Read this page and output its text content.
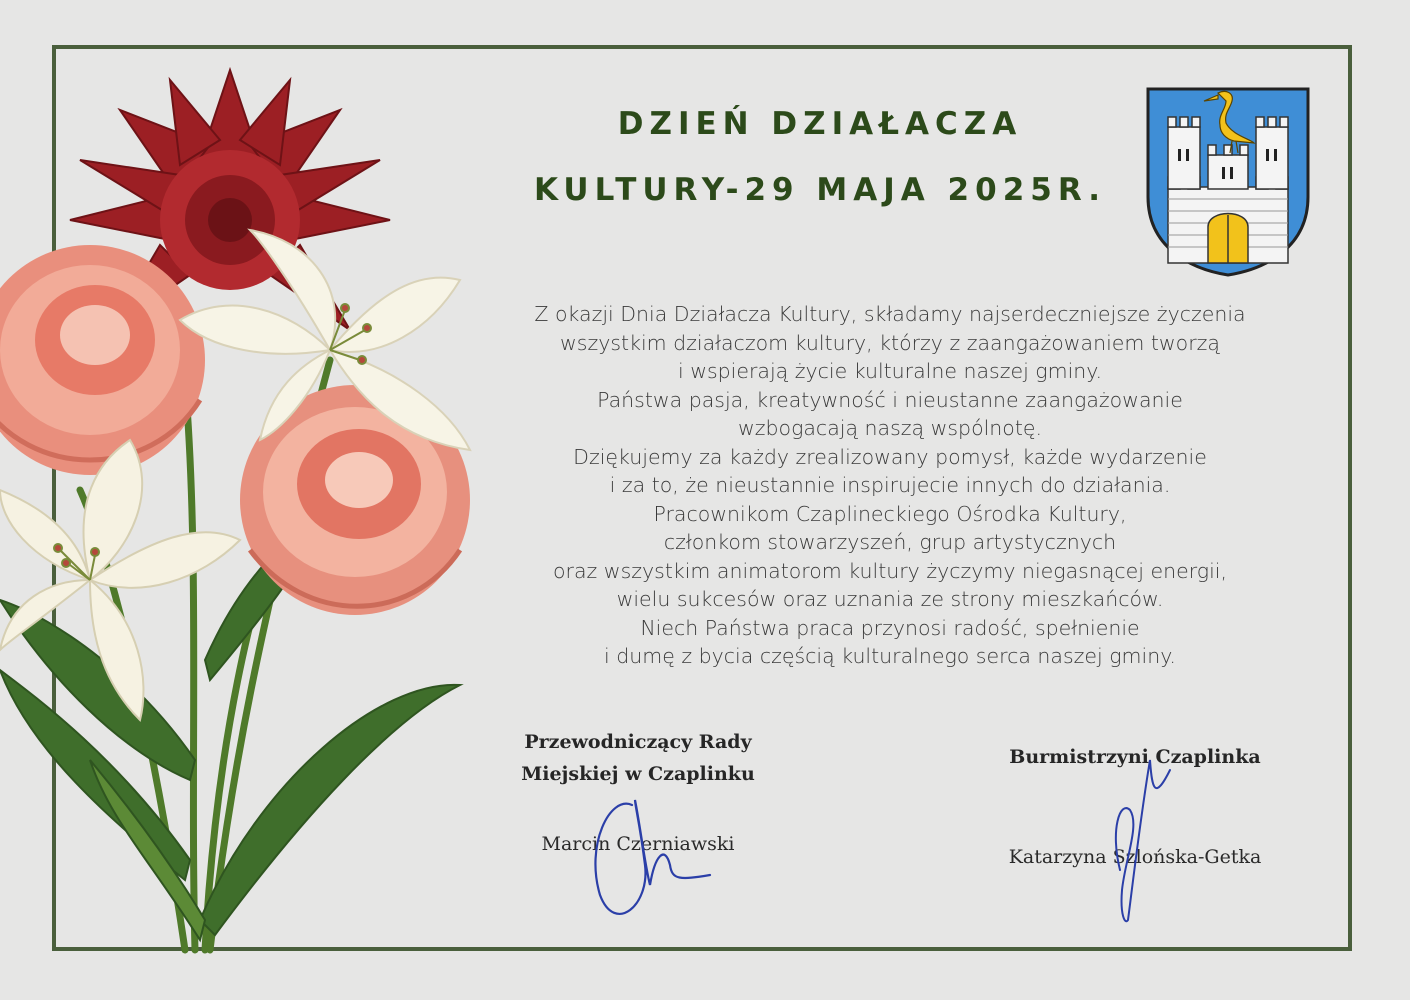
DZIEŃ DZIAŁACZA
KULTURY-29 MAJA 2025R.
Z okazji Dnia Działacza Kultury, składamy najserdeczniejsze życzenia
wszystkim działaczom kultury, którzy z zaangażowaniem tworzą
i wspierają życie kulturalne naszej gminy.
Państwa pasja, kreatywność i nieustanne zaangażowanie
wzbogacają naszą wspólnotę.
Dziękujemy za każdy zrealizowany pomysł, każde wydarzenie
i za to, że nieustannie inspirujecie innych do działania.
Pracownikom Czaplineckiego Ośrodka Kultury,
członkom stowarzyszeń, grup artystycznych
oraz wszystkim animatorom kultury życzymy niegasnącej energii,
wielu sukcesów oraz uznania ze strony mieszkańców.
Niech Państwa praca przynosi radość, spełnienie
i dumę z bycia częścią kulturalnego serca naszej gminy.
Przewodniczący Rady
Miejskiej w Czaplinku
Marcin Czerniawski
Burmistrzyni Czaplinka
Katarzyna Szlońska-Getka
